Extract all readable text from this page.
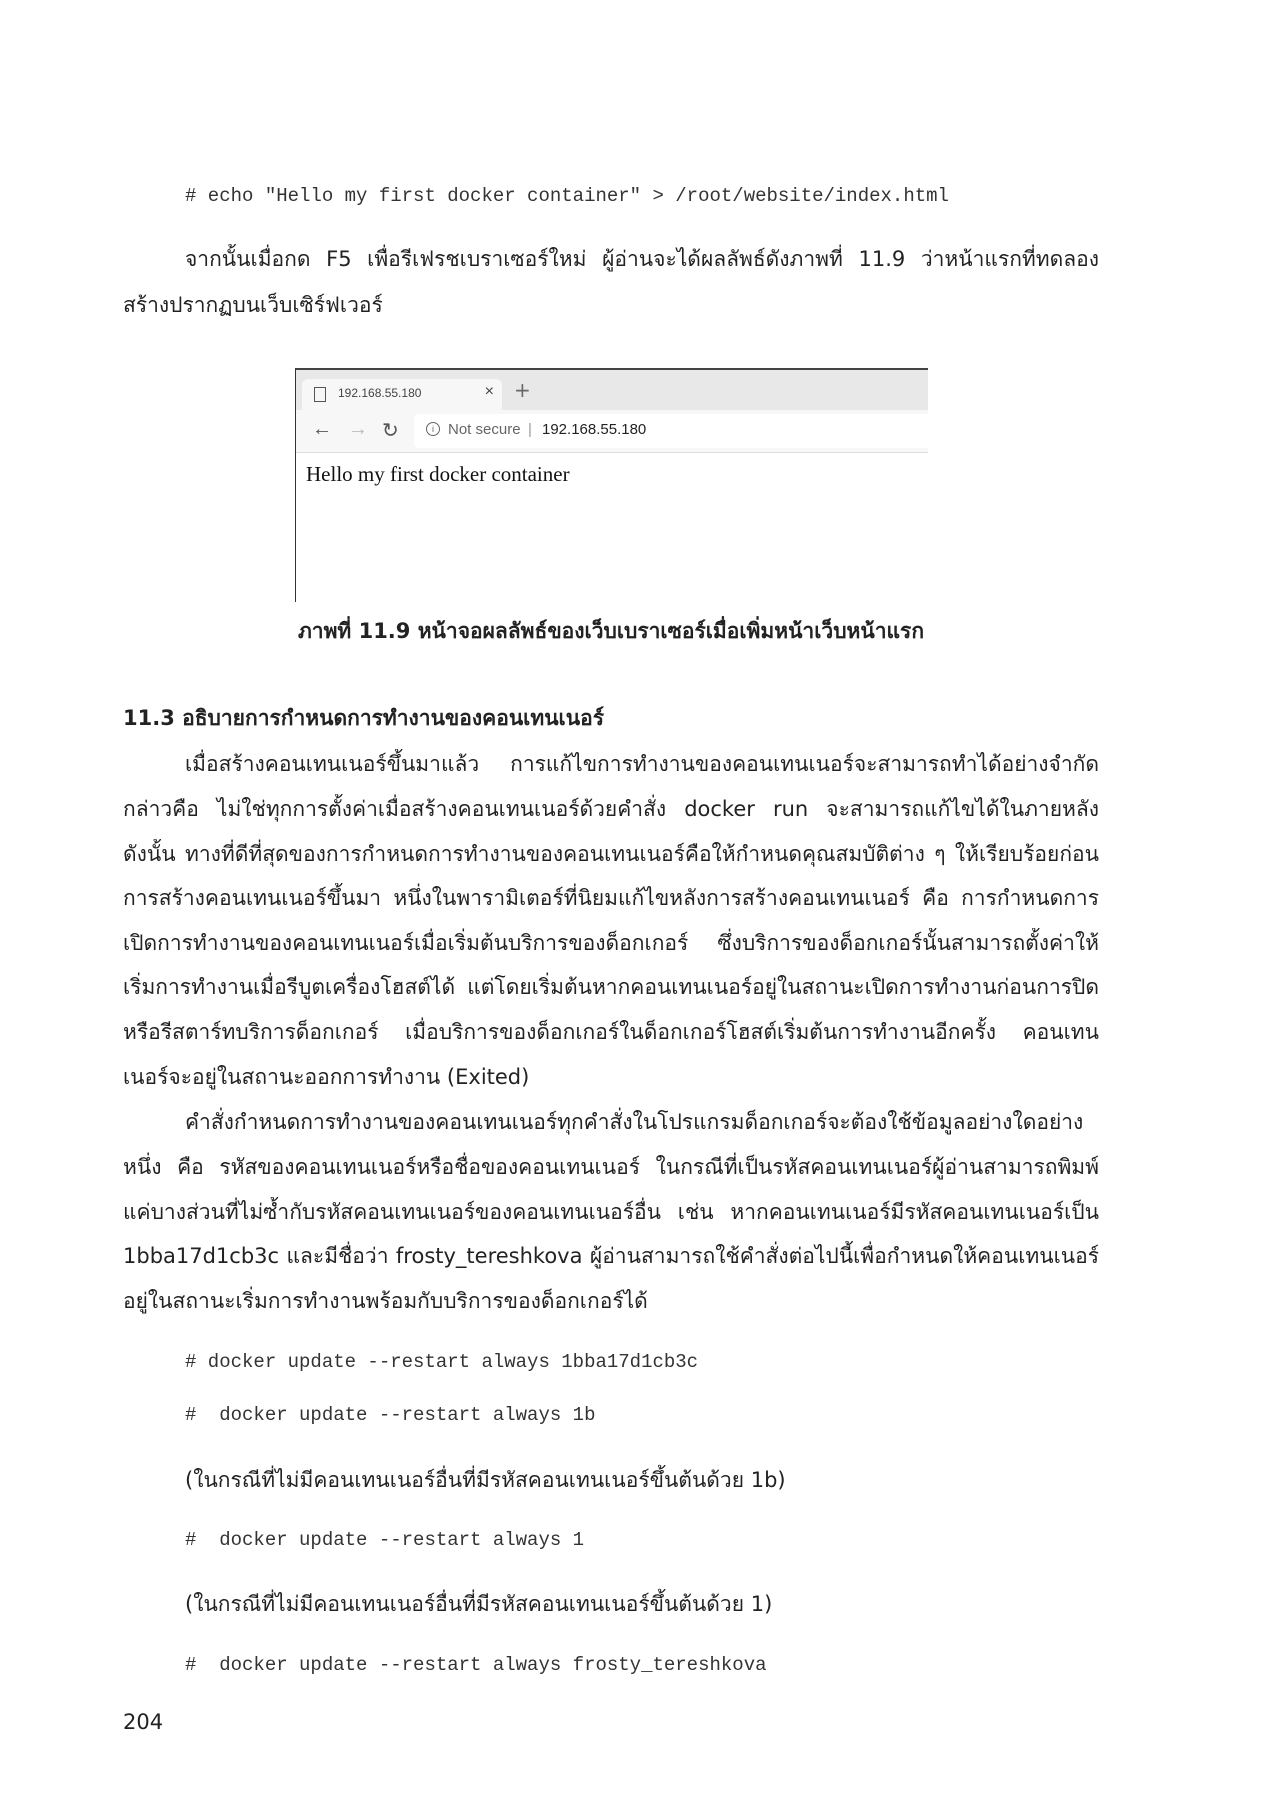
# echo "Hello my first docker container" > /root/website/index.html
จากนั้นเมื่อกด F5 เพื่อรีเฟรชเบราเซอร์ใหม่ ผู้อ่านจะได้ผลลัพธ์ดังภาพที่ 11.9 ว่าหน้าแรกที่ทดลอง
สร้างปรากฏบนเว็บเซิร์ฟเวอร์
192.168.55.180	× +
← → ↻	i Not secure | 192.168.55.180
Hello my first docker container
ภาพที่ 11.9 หน้าจอผลลัพธ์ของเว็บเบราเซอร์เมื่อเพิ่มหน้าเว็บหน้าแรก
11.3 อธิบายการกำหนดการทำงานของคอนเทนเนอร์
เมื่อสร้างคอนเทนเนอร์ขึ้นมาแล้ว การแก้ไขการทำงานของคอนเทนเนอร์จะสามารถทำได้อย่างจำกัด
กล่าวคือ ไม่ใช่ทุกการตั้งค่าเมื่อสร้างคอนเทนเนอร์ด้วยคำสั่ง docker run จะสามารถแก้ไขได้ในภายหลัง
ดังนั้น ทางที่ดีที่สุดของการกำหนดการทำงานของคอนเทนเนอร์คือให้กำหนดคุณสมบัติต่าง ๆ ให้เรียบร้อยก่อน
การสร้างคอนเทนเนอร์ขึ้นมา หนึ่งในพารามิเตอร์ที่นิยมแก้ไขหลังการสร้างคอนเทนเนอร์ คือ การกำหนดการ
เปิดการทำงานของคอนเทนเนอร์เมื่อเริ่มต้นบริการของด็อกเกอร์ ซึ่งบริการของด็อกเกอร์นั้นสามารถตั้งค่าให้
เริ่มการทำงานเมื่อรีบูตเครื่องโฮสต์ได้ แต่โดยเริ่มต้นหากคอนเทนเนอร์อยู่ในสถานะเปิดการทำงานก่อนการปิด
หรือรีสตาร์ทบริการด็อกเกอร์ เมื่อบริการของด็อกเกอร์ในด็อกเกอร์โฮสต์เริ่มต้นการทำงานอีกครั้ง คอนเทน
เนอร์จะอยู่ในสถานะออกการทำงาน (Exited)
คำสั่งกำหนดการทำงานของคอนเทนเนอร์ทุกคำสั่งในโปรแกรมด็อกเกอร์จะต้องใช้ข้อมูลอย่างใดอย่าง
หนึ่ง คือ รหัสของคอนเทนเนอร์หรือชื่อของคอนเทนเนอร์ ในกรณีที่เป็นรหัสคอนเทนเนอร์ผู้อ่านสามารถพิมพ์
แค่บางส่วนที่ไม่ซ้ำกับรหัสคอนเทนเนอร์ของคอนเทนเนอร์อื่น เช่น หากคอนเทนเนอร์มีรหัสคอนเทนเนอร์เป็น
1bba17d1cb3c และมีชื่อว่า frosty_tereshkova ผู้อ่านสามารถใช้คำสั่งต่อไปนี้เพื่อกำหนดให้คอนเทนเนอร์
อยู่ในสถานะเริ่มการทำงานพร้อมกับบริการของด็อกเกอร์ได้
# docker update --restart always 1bba17d1cb3c
#  docker update --restart always 1b
(ในกรณีที่ไม่มีคอนเทนเนอร์อื่นที่มีรหัสคอนเทนเนอร์ขึ้นต้นด้วย 1b)
#  docker update --restart always 1
(ในกรณีที่ไม่มีคอนเทนเนอร์อื่นที่มีรหัสคอนเทนเนอร์ขึ้นต้นด้วย 1)
#  docker update --restart always frosty_tereshkova
204
